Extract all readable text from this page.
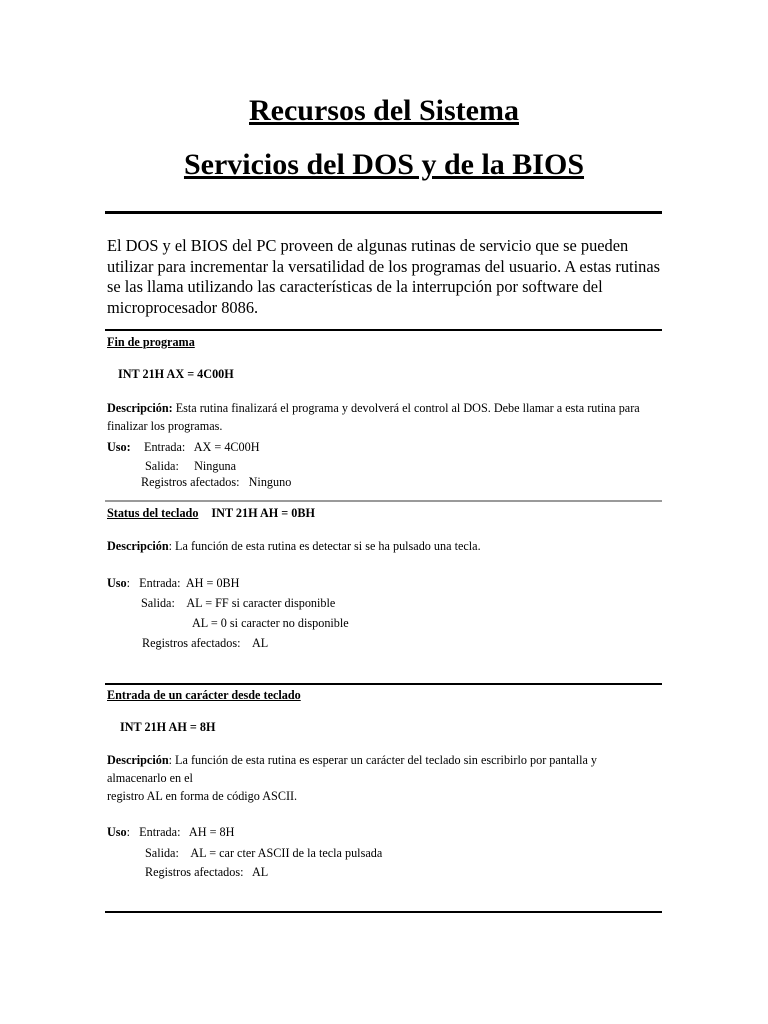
Recursos del Sistema
Servicios del DOS y de la BIOS

El DOS y el BIOS del PC proveen de algunas rutinas de servicio que se pueden utilizar para incrementar la versatilidad de los programas del usuario. A estas rutinas se las llama utilizando las características de la interrupción por software del microprocesador 8086.

Fin de programa
INT 21H AX = 4C00H
Descripción: Esta rutina finalizará el programa y devolverá el control al DOS. Debe llamar a esta rutina para
finalizar los programas.
Uso: Entrada:   AX = 4C00H
Salida:     Ninguna
Registros afectados:   Ninguno
Status del teclado INT 21H AH = 0BH
Descripción: La función de esta rutina es detectar si se ha pulsado una tecla.
Uso:   Entrada:  AH = 0BH
Salida:    AL = FF si caracter disponible
AL = 0 si caracter no disponible
Registros afectados:    AL
Entrada de un carácter desde teclado
INT 21H AH = 8H
Descripción: La función de esta rutina es esperar un carácter del teclado sin escribirlo por pantalla y
almacenarlo en el
registro AL en forma de código ASCII.
Uso:   Entrada:   AH = 8H
Salida:    AL = car cter ASCII de la tecla pulsada
Registros afectados:   AL
